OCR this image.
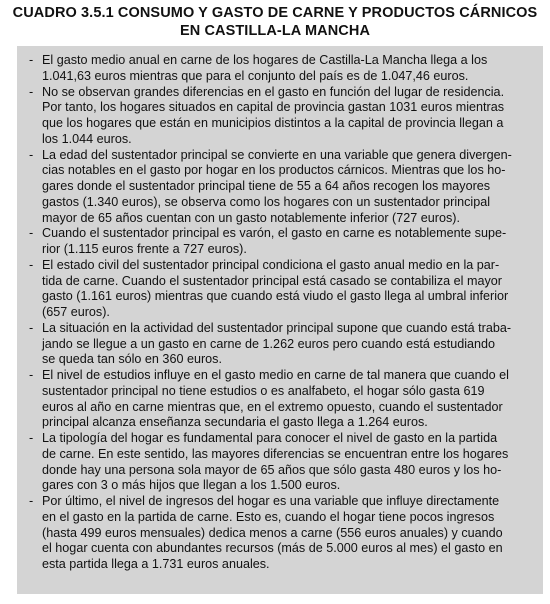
CUADRO 3.5.1 CONSUMO Y GASTO DE CARNE Y PRODUCTOS CÁRNICOS
EN CASTILLA-LA MANCHA
- El gasto medio anual en carne de los hogares de Castilla-La Mancha llega a los
1.041,63 euros mientras que para el conjunto del país es de 1.047,46 euros.
- No se observan grandes diferencias en el gasto en función del lugar de residencia.
Por tanto, los hogares situados en capital de provincia gastan 1031 euros mientras
que los hogares que están en municipios distintos a la capital de provincia llegan a
los 1.044 euros.
- La edad del sustentador principal se convierte en una variable que genera divergen-
cias notables en el gasto por hogar en los productos cárnicos. Mientras que los ho-
gares donde el sustentador principal tiene de 55 a 64 años recogen los mayores
gastos (1.340 euros), se observa como los hogares con un sustentador principal
mayor de 65 años cuentan con un gasto notablemente inferior (727 euros).
- Cuando el sustentador principal es varón, el gasto en carne es notablemente supe-
rior (1.115 euros frente a 727 euros).
- El estado civil del sustentador principal condiciona el gasto anual medio en la par-
tida de carne. Cuando el sustentador principal está casado se contabiliza el mayor
gasto (1.161 euros) mientras que cuando está viudo el gasto llega al umbral inferior
(657 euros).
- La situación en la actividad del sustentador principal supone que cuando está traba-
jando se llegue a un gasto en carne de 1.262 euros pero cuando está estudiando
se queda tan sólo en 360 euros.
- El nivel de estudios influye en el gasto medio en carne de tal manera que cuando el
sustentador principal no tiene estudios o es analfabeto, el hogar sólo gasta 619
euros al año en carne mientras que, en el extremo opuesto, cuando el sustentador
principal alcanza enseñanza secundaria el gasto llega a 1.264 euros.
- La tipología del hogar es fundamental para conocer el nivel de gasto en la partida
de carne. En este sentido, las mayores diferencias se encuentran entre los hogares
donde hay una persona sola mayor de 65 años que sólo gasta 480 euros y los ho-
gares con 3 o más hijos que llegan a los 1.500 euros.
- Por último, el nivel de ingresos del hogar es una variable que influye directamente
en el gasto en la partida de carne. Esto es, cuando el hogar tiene pocos ingresos
(hasta 499 euros mensuales) dedica menos a carne (556 euros anuales) y cuando
el hogar cuenta con abundantes recursos (más de 5.000 euros al mes) el gasto en
esta partida llega a 1.731 euros anuales.
